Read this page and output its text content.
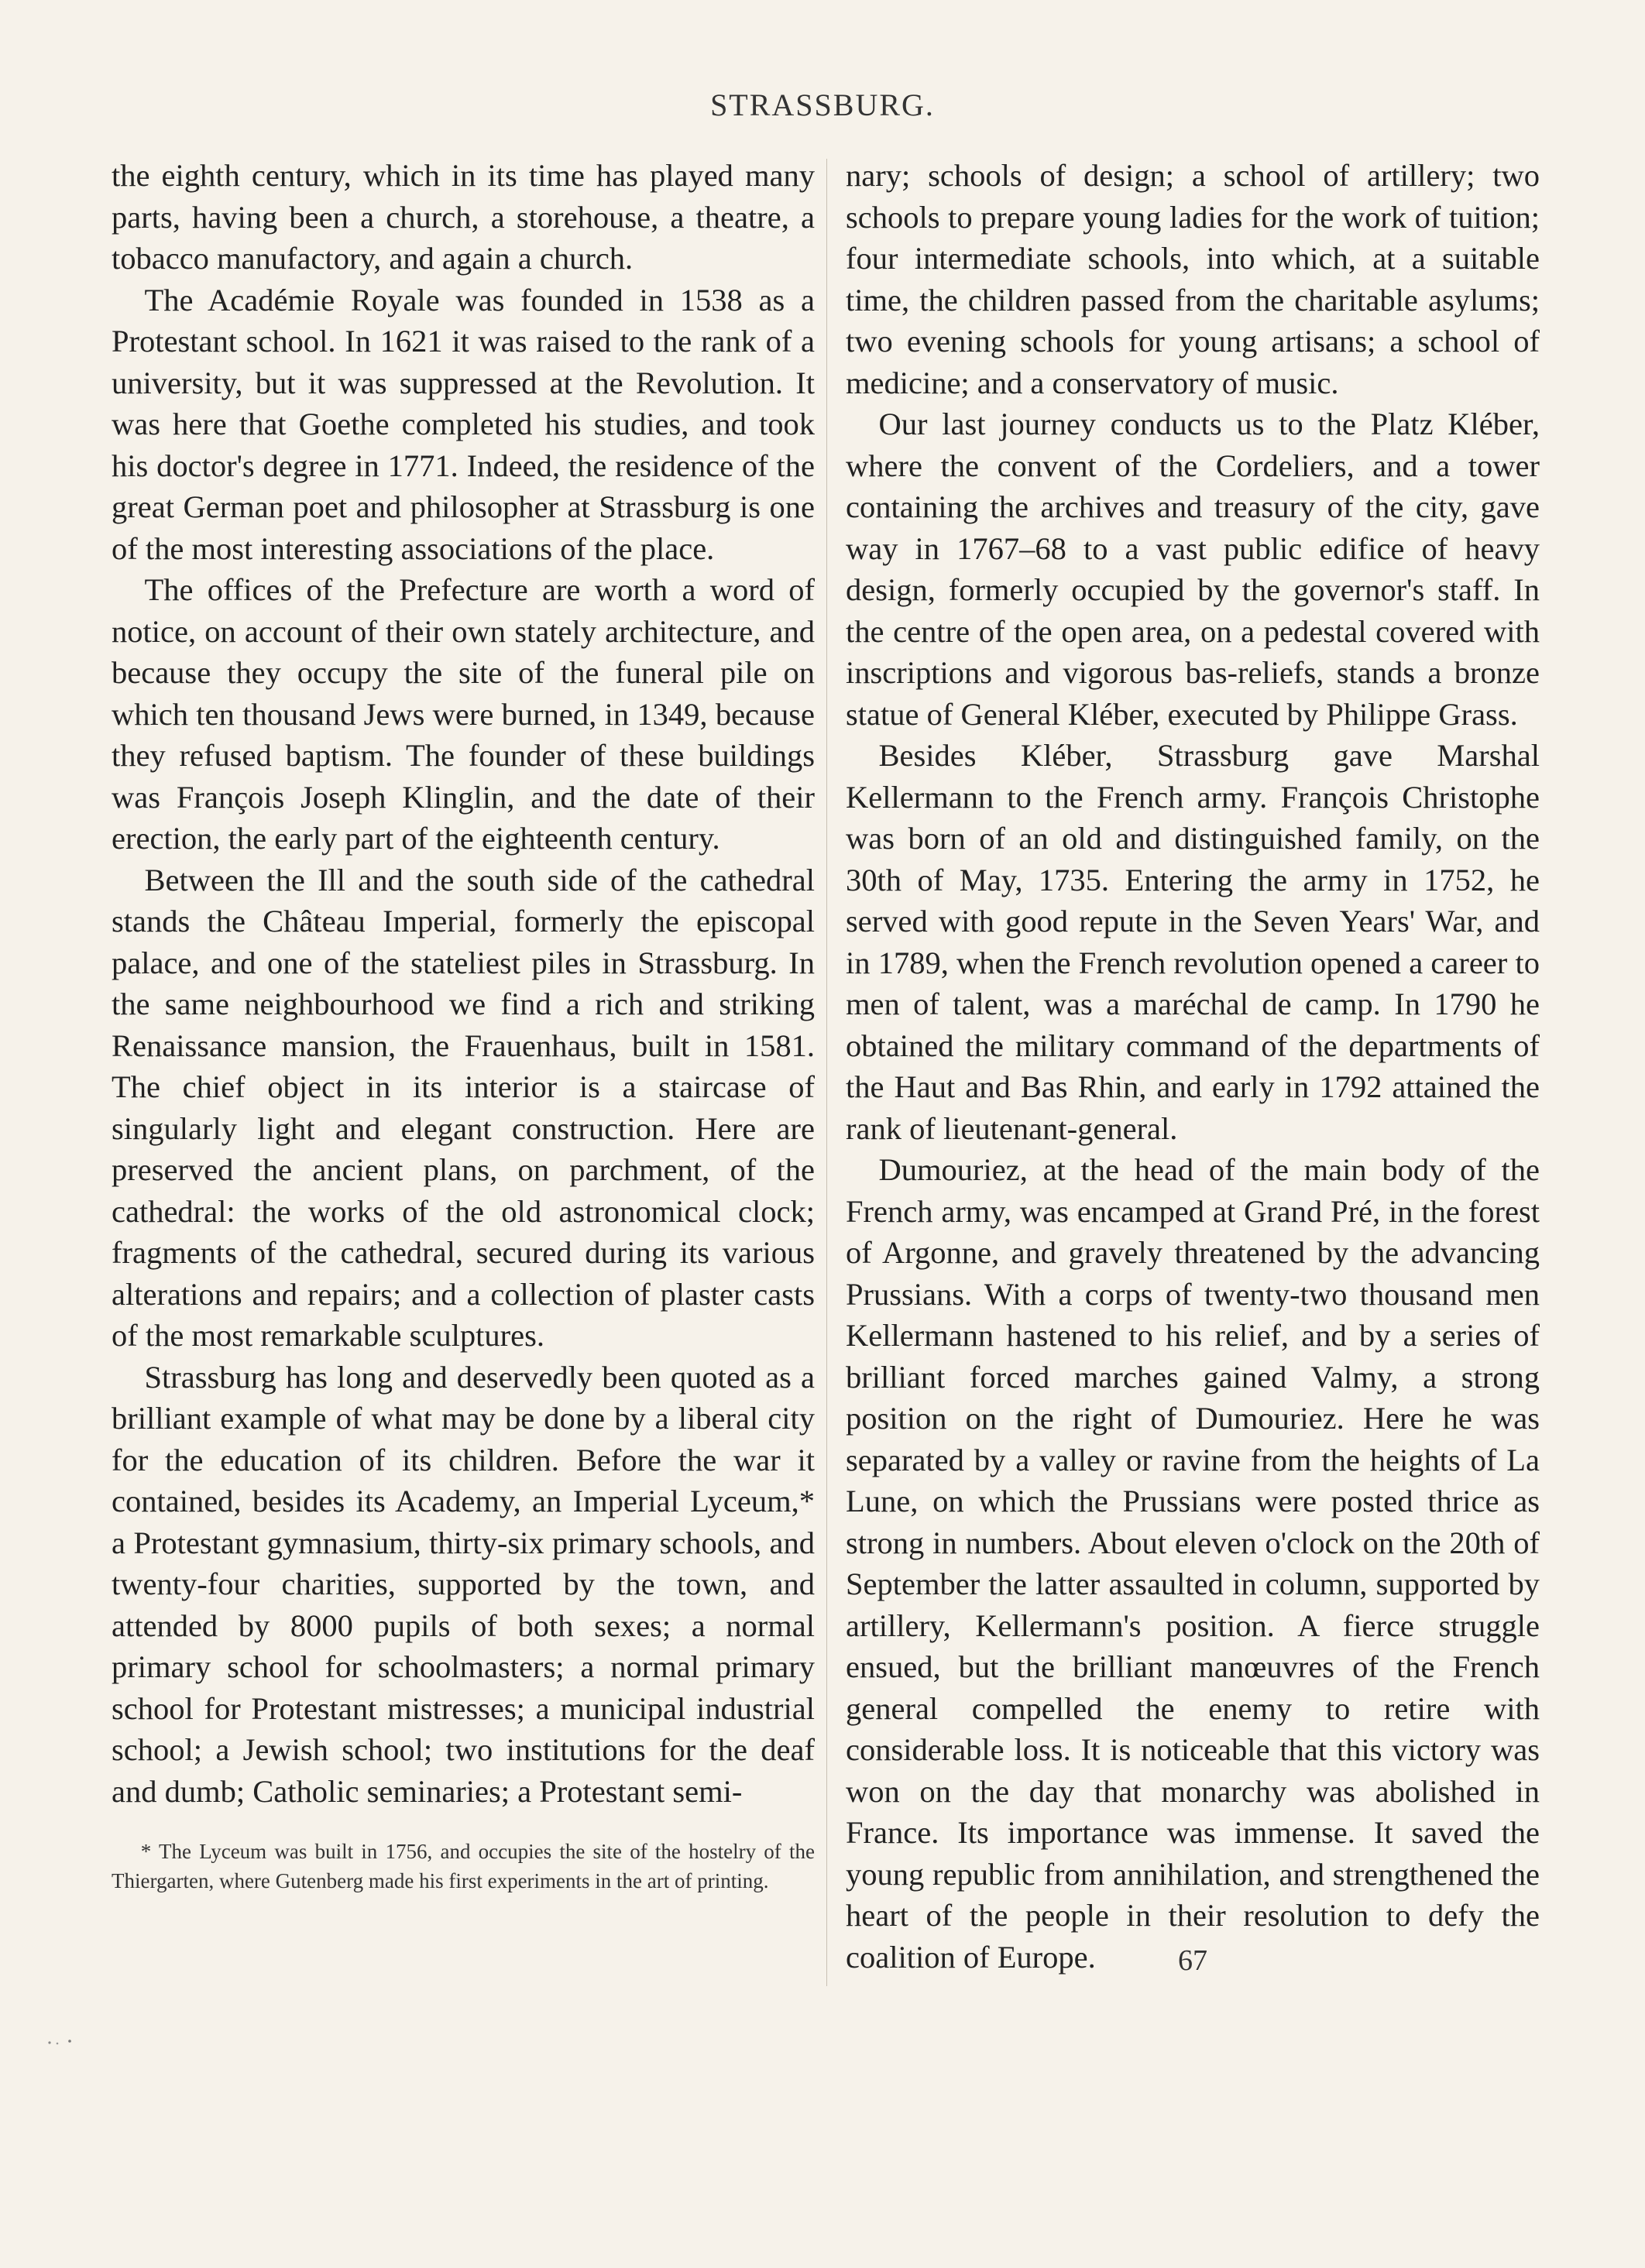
STRASSBURG.

the eighth century, which in its time has played many parts, having been a church, a storehouse, a theatre, a tobacco manufactory, and again a church.

The Académie Royale was founded in 1538 as a Protestant school. In 1621 it was raised to the rank of a university, but it was suppressed at the Revolution. It was here that Goethe completed his studies, and took his doctor's degree in 1771. Indeed, the residence of the great German poet and philosopher at Strassburg is one of the most interesting associations of the place.

The offices of the Prefecture are worth a word of notice, on account of their own stately architecture, and because they occupy the site of the funeral pile on which ten thousand Jews were burned, in 1349, because they refused baptism. The founder of these buildings was François Joseph Klinglin, and the date of their erection, the early part of the eighteenth century.

Between the Ill and the south side of the cathedral stands the Château Imperial, formerly the episcopal palace, and one of the stateliest piles in Strassburg. In the same neighbourhood we find a rich and striking Renaissance mansion, the Frauenhaus, built in 1581. The chief object in its interior is a staircase of singularly light and elegant construction. Here are preserved the ancient plans, on parchment, of the cathedral: the works of the old astronomical clock; fragments of the cathedral, secured during its various alterations and repairs; and a collection of plaster casts of the most remarkable sculptures.

Strassburg has long and deservedly been quoted as a brilliant example of what may be done by a liberal city for the education of its children. Before the war it contained, besides its Academy, an Imperial Lyceum,* a Protestant gymnasium, thirty-six primary schools, and twenty-four charities, supported by the town, and attended by 8000 pupils of both sexes; a normal primary school for schoolmasters; a normal primary school for Protestant mistresses; a municipal industrial school; a Jewish school; two institutions for the deaf and dumb; Catholic seminaries; a Protestant semi-

* The Lyceum was built in 1756, and occupies the site of the hostelry of the Thiergarten, where Gutenberg made his first experiments in the art of printing.

nary; schools of design; a school of artillery; two schools to prepare young ladies for the work of tuition; four intermediate schools, into which, at a suitable time, the children passed from the charitable asylums; two evening schools for young artisans; a school of medicine; and a conservatory of music.

Our last journey conducts us to the Platz Kléber, where the convent of the Cordeliers, and a tower containing the archives and treasury of the city, gave way in 1767–68 to a vast public edifice of heavy design, formerly occupied by the governor's staff. In the centre of the open area, on a pedestal covered with inscriptions and vigorous bas-reliefs, stands a bronze statue of General Kléber, executed by Philippe Grass.

Besides Kléber, Strassburg gave Marshal Kellermann to the French army. François Christophe was born of an old and distinguished family, on the 30th of May, 1735. Entering the army in 1752, he served with good repute in the Seven Years' War, and in 1789, when the French revolution opened a career to men of talent, was a maréchal de camp. In 1790 he obtained the military command of the departments of the Haut and Bas Rhin, and early in 1792 attained the rank of lieutenant-general.

Dumouriez, at the head of the main body of the French army, was encamped at Grand Pré, in the forest of Argonne, and gravely threatened by the advancing Prussians. With a corps of twenty-two thousand men Kellermann hastened to his relief, and by a series of brilliant forced marches gained Valmy, a strong position on the right of Dumouriez. Here he was separated by a valley or ravine from the heights of La Lune, on which the Prussians were posted thrice as strong in numbers. About eleven o'clock on the 20th of September the latter assaulted in column, supported by artillery, Kellermann's position. A fierce struggle ensued, but the brilliant manœuvres of the French general compelled the enemy to retire with considerable loss. It is noticeable that this victory was won on the day that monarchy was abolished in France. Its importance was immense. It saved the young republic from annihilation, and strengthened the heart of the people in their resolution to defy the coalition of Europe.	67
